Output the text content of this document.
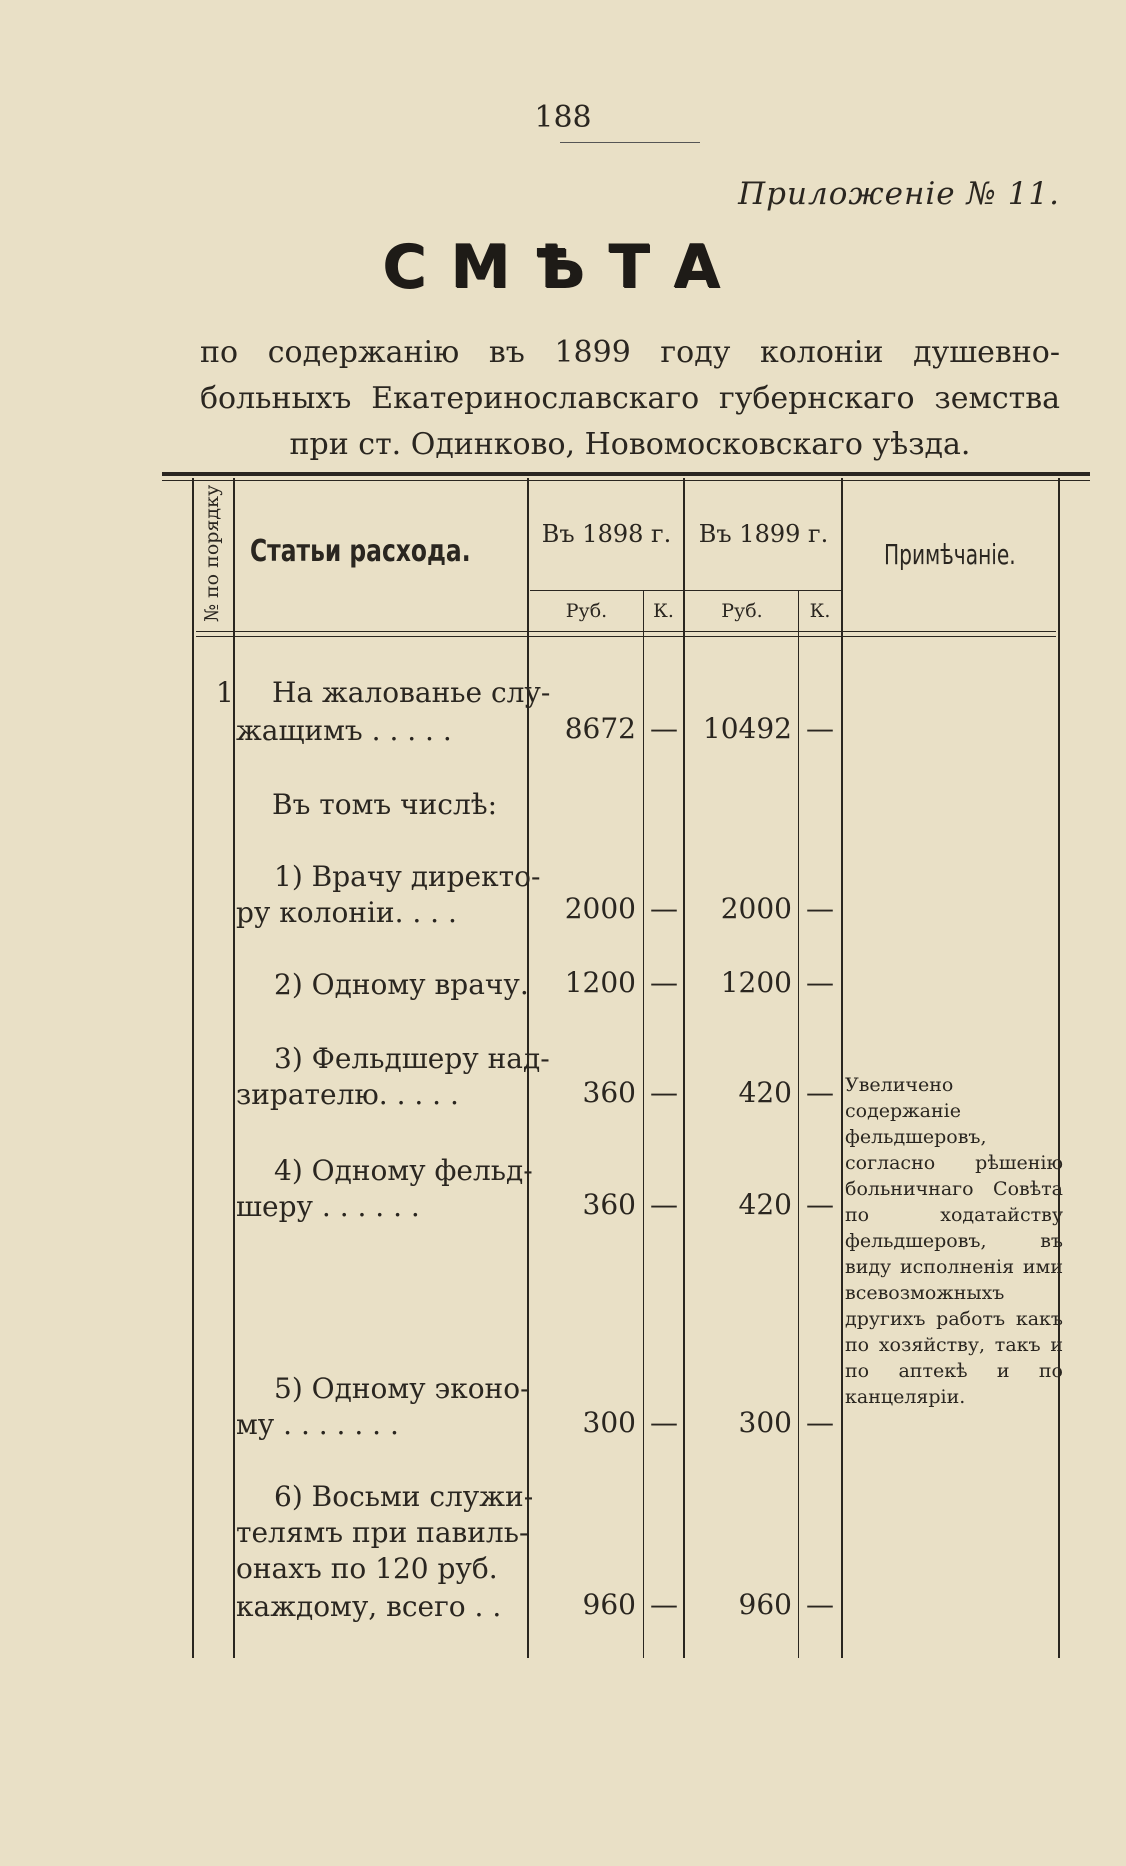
188
Приложеніе № 11.
СМѢТА
по содержанію въ 1899 году колоніи душевно-больныхъ Екатеринославскаго губернскаго земства при ст. Одинково, Новомосковскаго уѣзда.
№ по порядку Статьи расхода.	Въ 1898 г.	Въ 1899 г.
Руб.	К.	Руб.	К.
Примѣчаніе.
1 На жалованье слу-
жащимъ . . . . .	8672 — 10492 —
Въ томъ числѣ:
1) Врачу директо-
ру колоніи. . . .	2000 —	2000 —
2) Одному врачу.	1200 —	1200 —
3) Фельдшеру над-
зирателю. . . . .	360 —	420 —
4) Одному фельд-
шеру . . . . . .	360 —	420 —
5) Одному эконо-
му . . . . . . .	300 —	300 —
6) Восьми служи-
телямъ при павиль-
онахъ по 120 руб.
каждому, всего . .	960 —	960 —
Увеличено содержаніе фельдшеровъ, согласно рѣшенію больничнаго Совѣта по ходатайству фельдшеровъ, въ виду исполненія ими всевозможныхъ другихъ работъ какъ по хозяйству, такъ и по аптекѣ и по канцеляріи.
